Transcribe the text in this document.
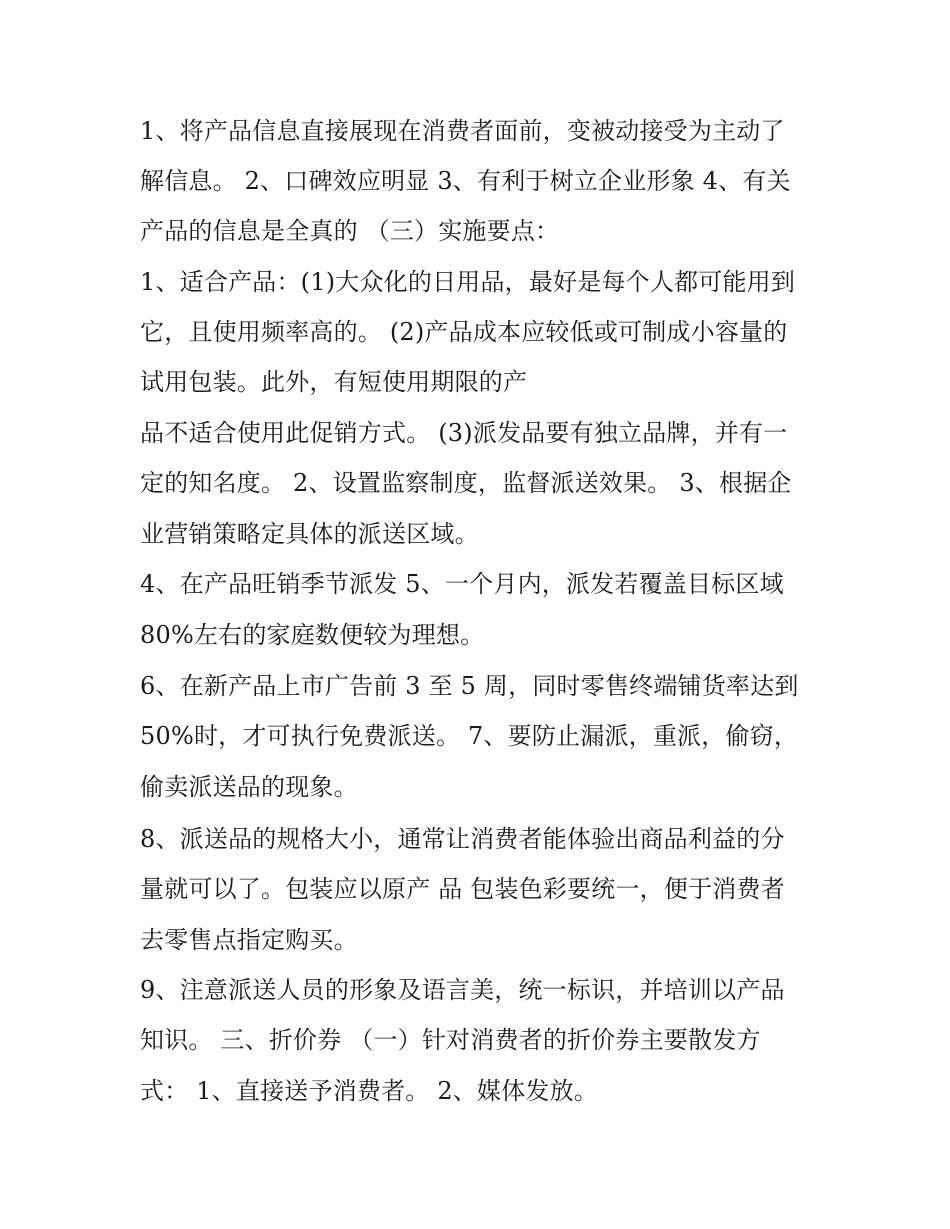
1、将产品信息直接展现在消费者面前，变被动接受为主动了
解信息。 2、口碑效应明显 3、有利于树立企业形象 4、有关
产品的信息是全真的 （三）实施要点：
1、适合产品：(1)大众化的日用品，最好是每个人都可能用到
它，且使用频率高的。 (2)产品成本应较低或可制成小容量的
试用包装。此外，有短使用期限的产
品不适合使用此促销方式。 (3)派发品要有独立品牌，并有一
定的知名度。 2、设置监察制度，监督派送效果。 3、根据企
业营销策略定具体的派送区域。
4、在产品旺销季节派发 5、一个月内，派发若覆盖目标区域
80%左右的家庭数便较为理想。
6、在新产品上市广告前 3 至 5 周，同时零售终端铺货率达到
50%时，才可执行免费派送。 7、要防止漏派，重派，偷窃，
偷卖派送品的现象。
8、派送品的规格大小，通常让消费者能体验出商品利益的分
量就可以了。包装应以原产 品 包装色彩要统一，便于消费者
去零售点指定购买。
9、注意派送人员的形象及语言美，统一标识，并培训以产品
知识。 三、折价券 （一）针对消费者的折价券主要散发方
式： 1、直接送予消费者。 2、媒体发放。
